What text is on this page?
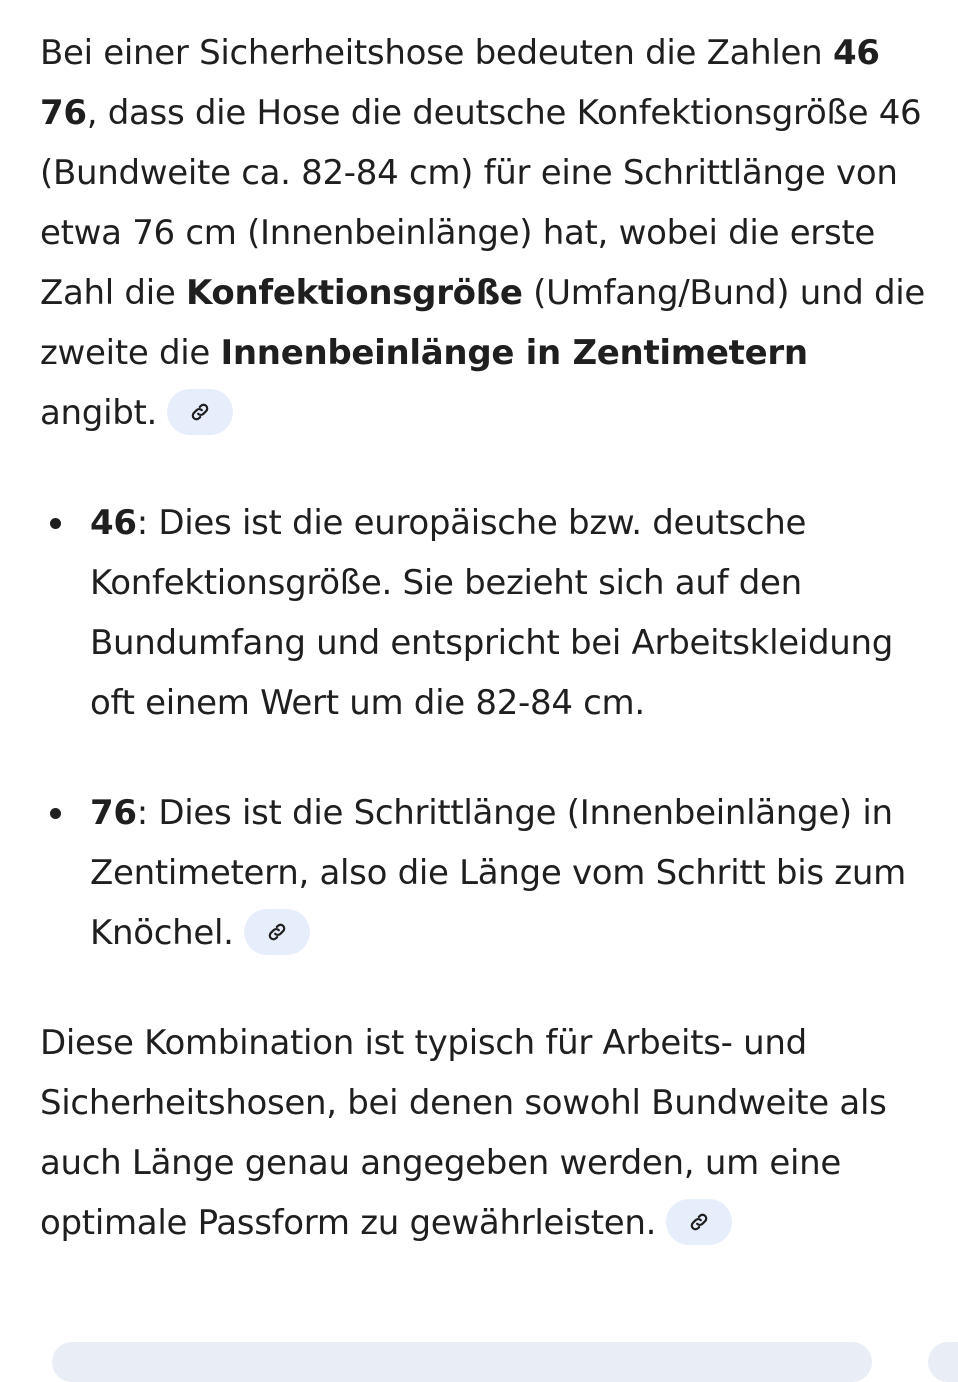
Bei einer Sicherheitshose bedeuten die Zahlen 46 76, dass die Hose die deutsche Konfektionsgröße 46 (Bundweite ca. 82-84 cm) für eine Schrittlänge von etwa 76 cm (Innenbeinlänge) hat, wobei die erste Zahl die Konfektionsgröße (Umfang/Bund) und die zweite die Innenbeinlänge in Zentimetern angibt.

46: Dies ist die europäische bzw. deutsche Konfektionsgröße. Sie bezieht sich auf den Bundumfang und entspricht bei Arbeitskleidung oft einem Wert um die 82-84 cm.
76: Dies ist die Schrittlänge (Innenbeinlänge) in Zentimetern, also die Länge vom Schritt bis zum Knöchel.

Diese Kombination ist typisch für Arbeits- und Sicherheitshosen, bei denen sowohl Bundweite als auch Länge genau angegeben werden, um eine optimale Passform zu gewährleisten.
